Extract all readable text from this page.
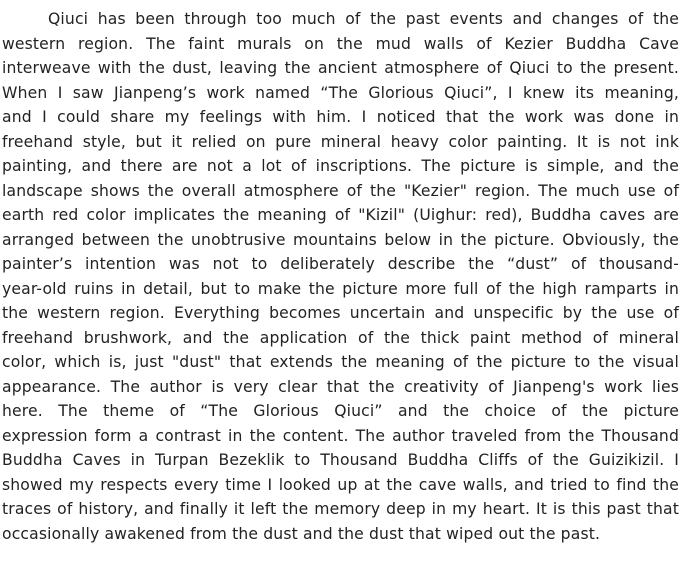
Qiuci has been through too much of the past events and changes of the
western region. The faint murals on the mud walls of Kezier Buddha Cave
interweave with the dust, leaving the ancient atmosphere of Qiuci to the present.
When I saw Jianpeng’s work named “The Glorious Qiuci”, I knew its meaning,
and I could share my feelings with him. I noticed that the work was done in
freehand style, but it relied on pure mineral heavy color painting. It is not ink
painting, and there are not a lot of inscriptions. The picture is simple, and the
landscape shows the overall atmosphere of the "Kezier" region. The much use of
earth red color implicates the meaning of "Kizil" (Uighur: red), Buddha caves are
arranged between the unobtrusive mountains below in the picture. Obviously, the
painter’s intention was not to deliberately describe the “dust” of thousand-
year-old ruins in detail, but to make the picture more full of the high ramparts in
the western region. Everything becomes uncertain and unspecific by the use of
freehand brushwork, and the application of the thick paint method of mineral
color, which is, just "dust" that extends the meaning of the picture to the visual
appearance. The author is very clear that the creativity of Jianpeng's work lies
here. The theme of “The Glorious Qiuci” and the choice of the picture
expression form a contrast in the content. The author traveled from the Thousand
Buddha Caves in Turpan Bezeklik to Thousand Buddha Cliffs of the Guizikizil. I
showed my respects every time I looked up at the cave walls, and tried to find the
traces of history, and finally it left the memory deep in my heart. It is this past that
occasionally awakened from the dust and the dust that wiped out the past.
